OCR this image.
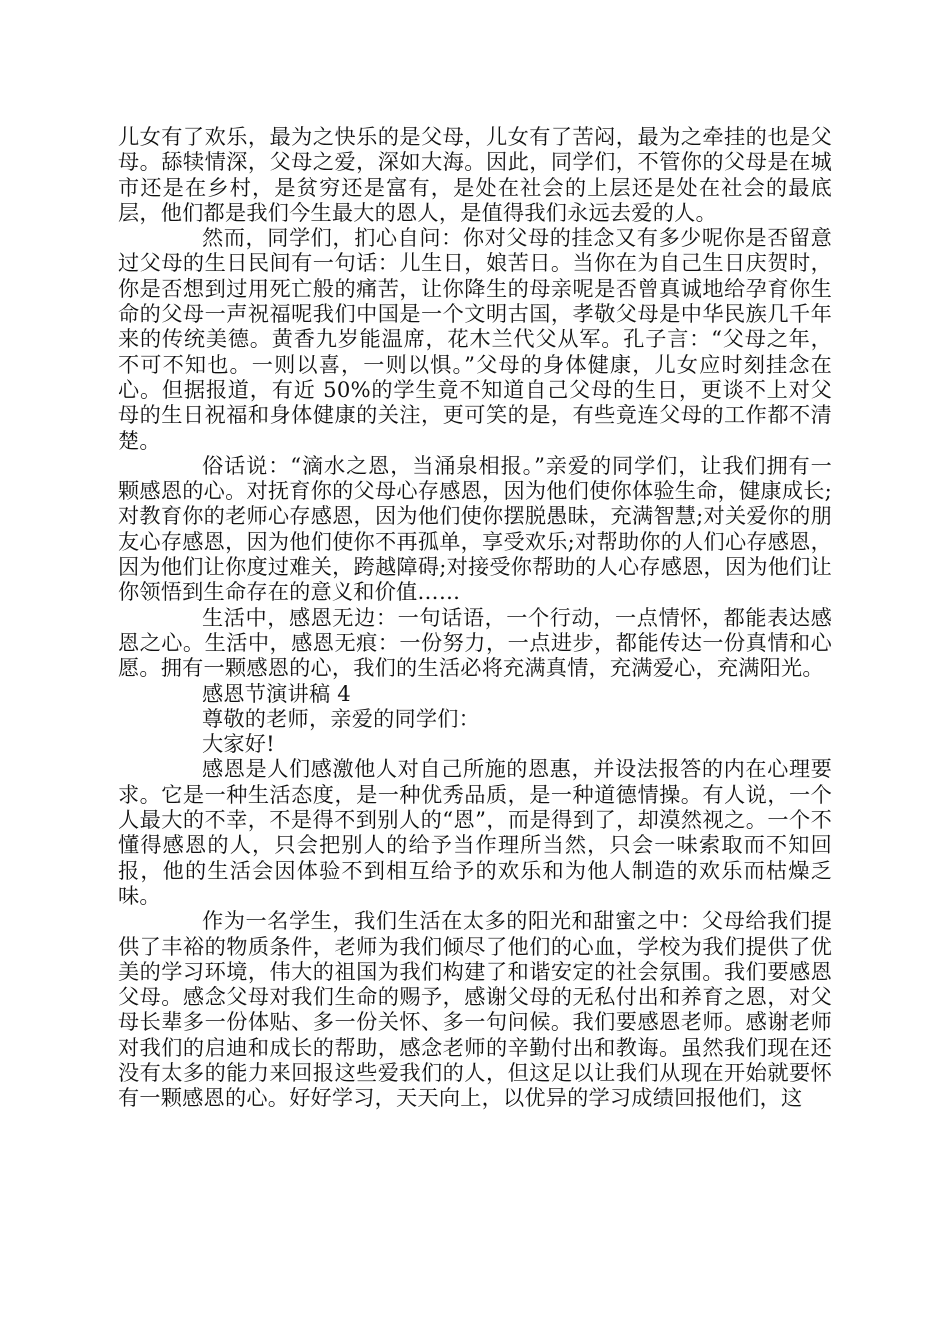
儿女有了欢乐，最为之快乐的是父母，儿女有了苦闷，最为之牵挂的也是父母。舔犊情深，父母之爱，深如大海。因此，同学们，不管你的父母是在城市还是在乡村，是贫穷还是富有，是处在社会的上层还是处在社会的最底层，他们都是我们今生最大的恩人，是值得我们永远去爱的人。

然而，同学们，扪心自问：你对父母的挂念又有多少呢你是否留意过父母的生日民间有一句话：儿生日，娘苦日。当你在为自己生日庆贺时，你是否想到过用死亡般的痛苦，让你降生的母亲呢是否曾真诚地给孕育你生命的父母一声祝福呢我们中国是一个文明古国，孝敬父母是中华民族几千年来的传统美德。黄香九岁能温席，花木兰代父从军。孔子言：“父母之年，不可不知也。一则以喜，一则以惧。”父母的身体健康，儿女应时刻挂念在心。但据报道，有近 50%的学生竟不知道自己父母的生日，更谈不上对父母的生日祝福和身体健康的关注，更可笑的是，有些竟连父母的工作都不清楚。

俗话说：“滴水之恩，当涌泉相报。”亲爱的同学们，让我们拥有一颗感恩的心。对抚育你的父母心存感恩，因为他们使你体验生命，健康成长;对教育你的老师心存感恩，因为他们使你摆脱愚昧，充满智慧;对关爱你的朋友心存感恩，因为他们使你不再孤单，享受欢乐;对帮助你的人们心存感恩，因为他们让你度过难关，跨越障碍;对接受你帮助的人心存感恩，因为他们让你领悟到生命存在的意义和价值……

生活中，感恩无边：一句话语，一个行动，一点情怀，都能表达感恩之心。生活中，感恩无痕：一份努力，一点进步，都能传达一份真情和心愿。拥有一颗感恩的心，我们的生活必将充满真情，充满爱心，充满阳光。

感恩节演讲稿 4

尊敬的老师，亲爱的同学们：

大家好!

感恩是人们感激他人对自己所施的恩惠，并设法报答的内在心理要求。它是一种生活态度，是一种优秀品质，是一种道德情操。有人说，一个人最大的不幸，不是得不到别人的“恩”，而是得到了，却漠然视之。一个不懂得感恩的人，只会把别人的给予当作理所当然，只会一味索取而不知回报，他的生活会因体验不到相互给予的欢乐和为他人制造的欢乐而枯燥乏味。

作为一名学生，我们生活在太多的阳光和甜蜜之中：父母给我们提供了丰裕的物质条件，老师为我们倾尽了他们的心血，学校为我们提供了优美的学习环境，伟大的祖国为我们构建了和谐安定的社会氛围。我们要感恩父母。感念父母对我们生命的赐予，感谢父母的无私付出和养育之恩，对父母长辈多一份体贴、多一份关怀、多一句问候。我们要感恩老师。感谢老师对我们的启迪和成长的帮助，感念老师的辛勤付出和教诲。虽然我们现在还没有太多的能力来回报这些爱我们的人，但这足以让我们从现在开始就要怀有一颗感恩的心。好好学习，天天向上，以优异的学习成绩回报他们，这
